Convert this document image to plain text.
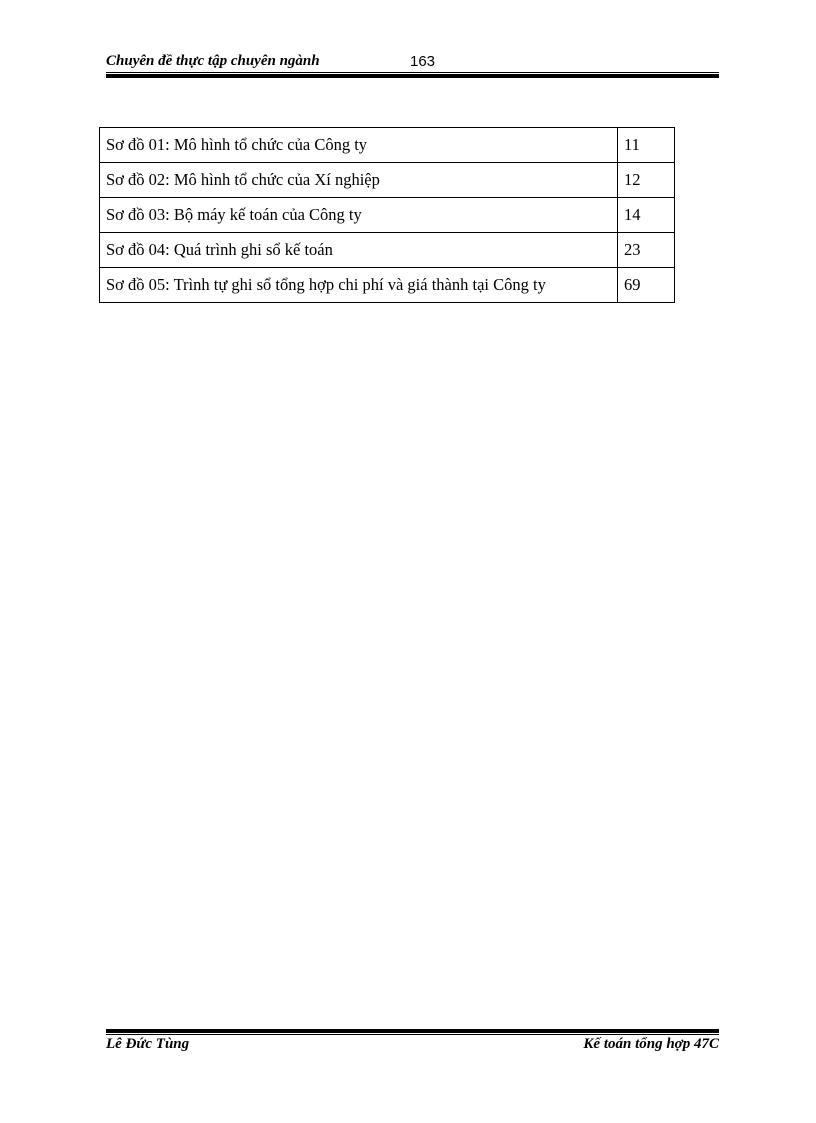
Chuyên đề thực tập chuyên ngành	163
Sơ đồ 01: Mô hình tổ chức của Công ty	11
Sơ đồ 02: Mô hình tổ chức của Xí nghiệp	12
Sơ đồ 03: Bộ máy kế toán của Công ty	14
Sơ đồ 04: Quá trình ghi sổ kế toán	23
Sơ đồ 05: Trình tự ghi sổ tổng hợp chi phí và giá thành tại Công ty	69
Lê Đức Tùng	Kế toán tổng hợp 47C
